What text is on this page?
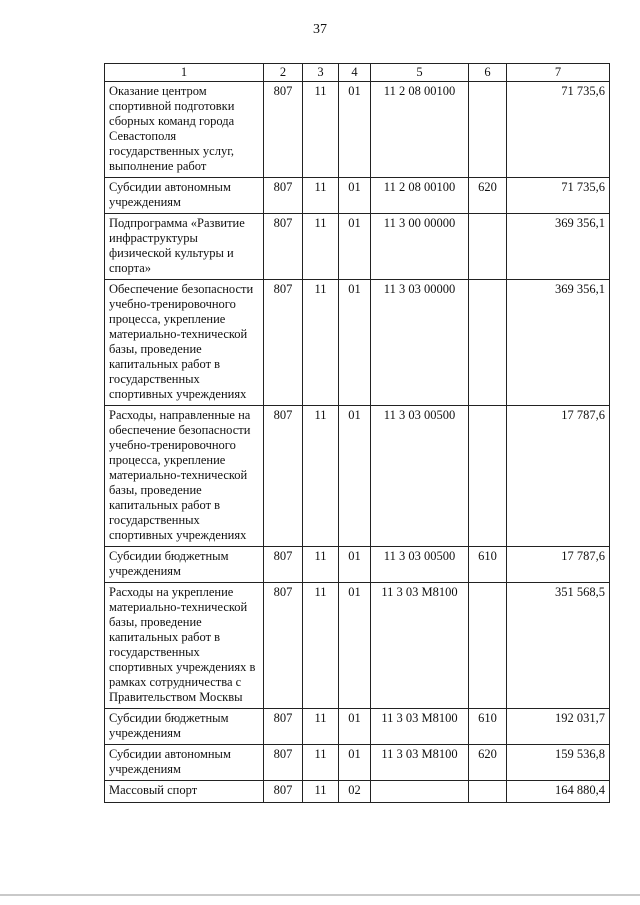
37
1	2	3	4	5	6	7
Оказание центром спортивной подготовки сборных команд города Севастополя государственных услуг, выполнение работ	807	11	01	11 2 08 00100		71 735,6
Субсидии автономным учреждениям	807	11	01	11 2 08 00100	620	71 735,6
Подпрограмма «Развитие инфраструктуры физической культуры и спорта»	807	11	01	11 3 00 00000		369 356,1
Обеспечение безопасности учебно-тренировочного процесса, укрепление материально-технической базы, проведение капитальных работ в государственных спортивных учреждениях	807	11	01	11 3 03 00000		369 356,1
Расходы, направленные на обеспечение безопасности учебно-тренировочного процесса, укрепление материально-технической базы, проведение капитальных работ в государственных спортивных учреждениях	807	11	01	11 3 03 00500		17 787,6
Субсидии бюджетным учреждениям	807	11	01	11 3 03 00500	610	17 787,6
Расходы на укрепление материально-технической базы, проведение капитальных работ в государственных спортивных учреждениях в рамках сотрудничества с Правительством Москвы	807	11	01	11 3 03 М8100		351 568,5
Субсидии бюджетным учреждениям	807	11	01	11 3 03 М8100	610	192 031,7
Субсидии автономным учреждениям	807	11	01	11 3 03 М8100	620	159 536,8
Массовый спорт	807	11	02			164 880,4
